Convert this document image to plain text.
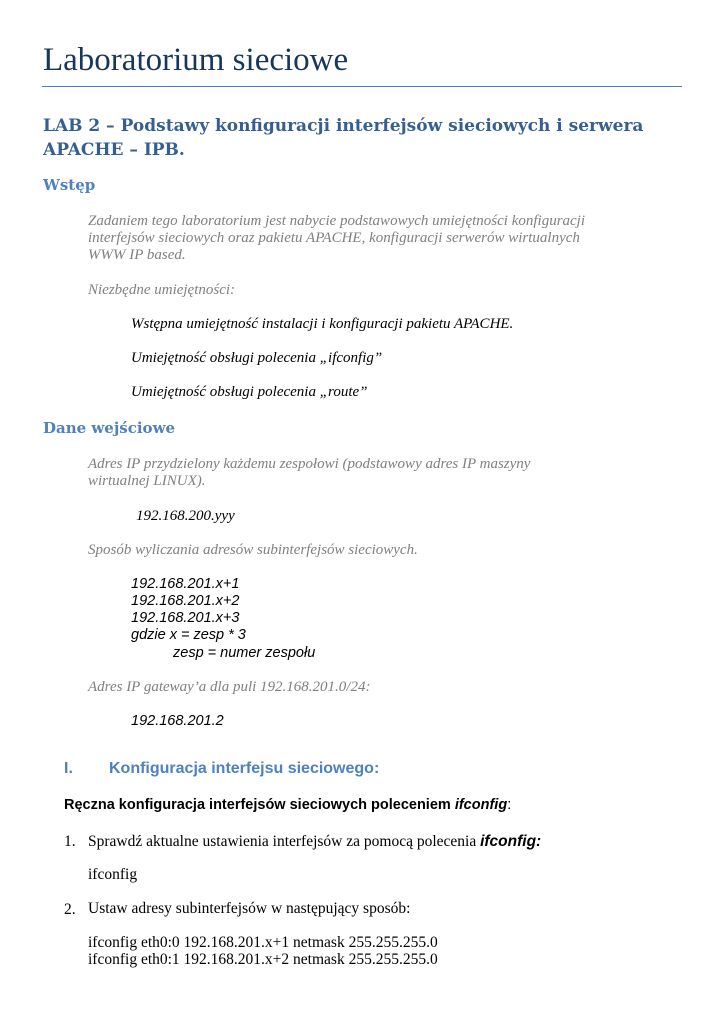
Laboratorium sieciowe
LAB 2 – Podstawy konfiguracji interfejsów sieciowych i serwera
APACHE – IPB.
Wstęp
Zadaniem tego laboratorium jest nabycie podstawowych umiejętności konfiguracji
interfejsów sieciowych oraz pakietu APACHE, konfiguracji serwerów wirtualnych
WWW IP based.
Niezbędne umiejętności:
Wstępna umiejętność instalacji i konfiguracji pakietu APACHE.
Umiejętność obsługi polecenia „ifconfig”
Umiejętność obsługi polecenia „route”
Dane wejściowe
Adres IP przydzielony każdemu zespołowi (podstawowy adres IP maszyny
wirtualnej LINUX).
192.168.200.yyy
Sposób wyliczania adresów subinterfejsów sieciowych.
192.168.201.x+1
192.168.201.x+2
192.168.201.x+3
gdzie x = zesp * 3
zesp = numer zespołu
Adres IP gateway’a dla puli 192.168.201.0/24:
192.168.201.2
I. Konfiguracja interfejsu sieciowego:
Ręczna konfiguracja interfejsów sieciowych poleceniem ifconfig:
1. Sprawdź aktualne ustawienia interfejsów za pomocą polecenia ifconfig:
ifconfig
2. Ustaw adresy subinterfejsów w następujący sposób:
ifconfig eth0:0 192.168.201.x+1 netmask 255.255.255.0
ifconfig eth0:1 192.168.201.x+2 netmask 255.255.255.0
